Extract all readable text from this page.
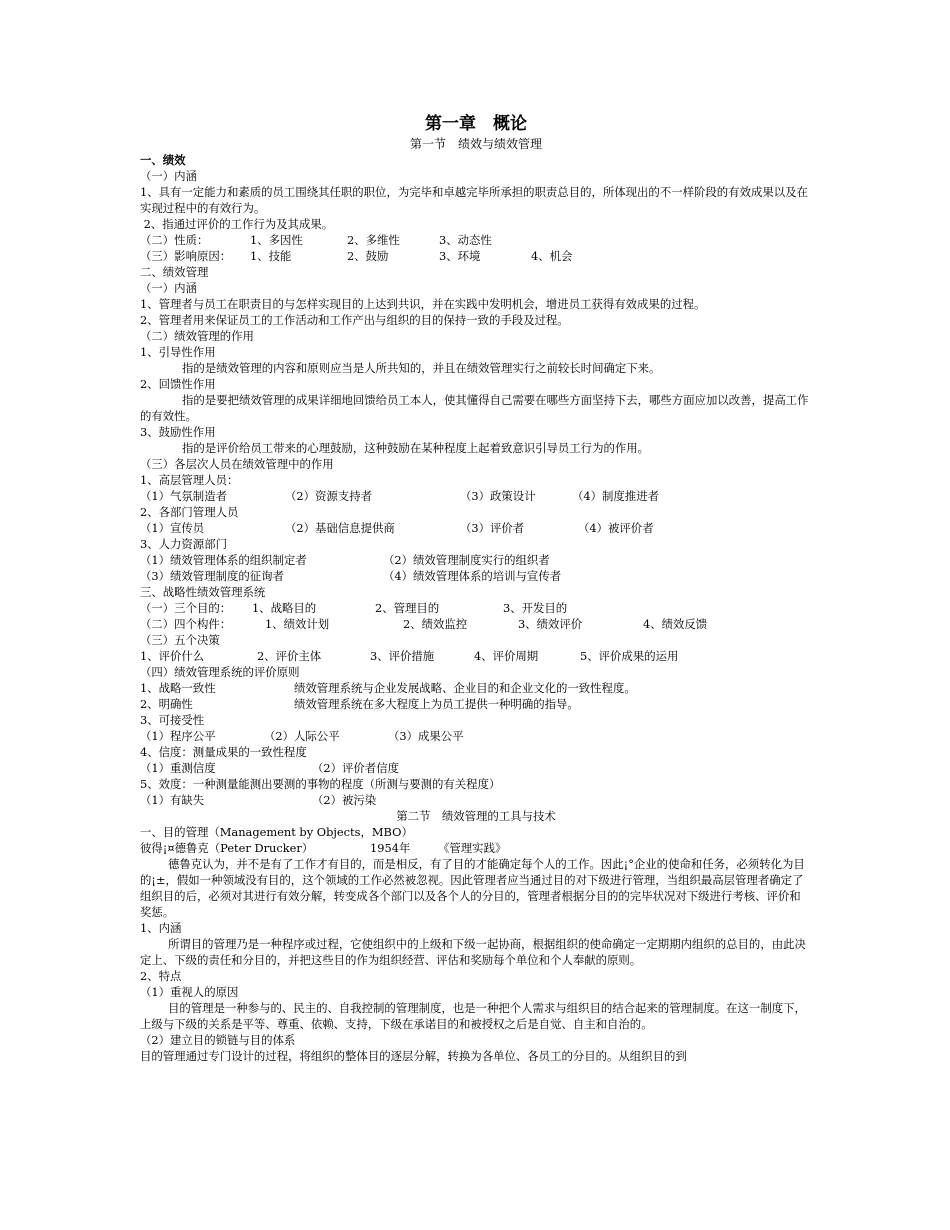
第一章　概论

第一节　绩效与绩效管理

一、绩效

（一）内涵

1、具有一定能力和素质的员工围绕其任职的职位，为完毕和卓越完毕所承担的职责总目的，所体现出的不一样阶段的有效成果以及在实现过程中的有效行为。

2、指通过评价的工作行为及其成果。

（二）性质：	1、多因性	2、多维性	3、动态性
（三）影响原因：	1、技能	2、鼓励	3、环境	4、机会

二、绩效管理

（一）内涵

1、管理者与员工在职责目的与怎样实现目的上达到共识，并在实践中发明机会，增进员工获得有效成果的过程。

2、管理者用来保证员工的工作活动和工作产出与组织的目的保持一致的手段及过程。

（二）绩效管理的作用

1、引导性作用

指的是绩效管理的内容和原则应当是人所共知的，并且在绩效管理实行之前较长时间确定下来。

2、回馈性作用

指的是要把绩效管理的成果详细地回馈给员工本人，使其懂得自己需要在哪些方面坚持下去，哪些方面应加以改善，提高工作的有效性。

3、鼓励性作用

指的是评价给员工带来的心理鼓励，这种鼓励在某种程度上起着致意识引导员工行为的作用。

（三）各层次人员在绩效管理中的作用

1、高层管理人员：

（1）气氛制造者	（2）资源支持者	（3）政策设计	（4）制度推进者

2、各部门管理人员

（1）宣传员	（2）基础信息提供商	（3）评价者	（4）被评价者

3、人力资源部门

（1）绩效管理体系的组织制定者	（2）绩效管理制度实行的组织者
（3）绩效管理制度的征询者	（4）绩效管理体系的培训与宣传者

三、战略性绩效管理系统

（一）三个目的：	1、战略目的	2、管理目的	3、开发目的
（二）四个构件：	1、绩效计划	2、绩效监控	3、绩效评价	4、绩效反馈

（三）五个决策

1、评价什么	2、评价主体	3、评价措施	4、评价周期	5、评价成果的运用

（四）绩效管理系统的评价原则

1、战略一致性	绩效管理系统与企业发展战略、企业目的和企业文化的一致性程度。
2、明确性	绩效管理系统在多大程度上为员工提供一种明确的指导。

3、可接受性

（1）程序公平	（2）人际公平	（3）成果公平

4、信度：测量成果的一致性程度

（1）重测信度	（2）评价者信度

5、效度：一种测量能测出要测的事物的程度（所测与要测的有关程度）

（1）有缺失	（2）被污染

第二节　绩效管理的工具与技术

一、目的管理（Management by Objects，MBO）

彼得¡¤德鲁克（Peter Drucker）	1954年	《管理实践》

德鲁克认为，并不是有了工作才有目的，而是相反，有了目的才能确定每个人的工作。因此¡°企业的使命和任务，必须转化为目的¡±，假如一种领域没有目的，这个领域的工作必然被忽视。因此管理者应当通过目的对下级进行管理，当组织最高层管理者确定了组织目的后，必须对其进行有效分解，转变成各个部门以及各个人的分目的，管理者根据分目的的完毕状况对下级进行考核、评价和奖惩。

1、内涵

所谓目的管理乃是一种程序或过程，它使组织中的上级和下级一起协商，根据组织的使命确定一定期期内组织的总目的，由此决定上、下级的责任和分目的，并把这些目的作为组织经营、评估和奖励每个单位和个人奉献的原则。

2、特点

（1）重视人的原因

目的管理是一种参与的、民主的、自我控制的管理制度，也是一种把个人需求与组织目的结合起来的管理制度。在这一制度下，上级与下级的关系是平等、尊重、依赖、支持，下级在承诺目的和被授权之后是自觉、自主和自治的。

（2）建立目的锁链与目的体系

目的管理通过专门设计的过程，将组织的整体目的逐层分解，转换为各单位、各员工的分目的。从组织目的到
